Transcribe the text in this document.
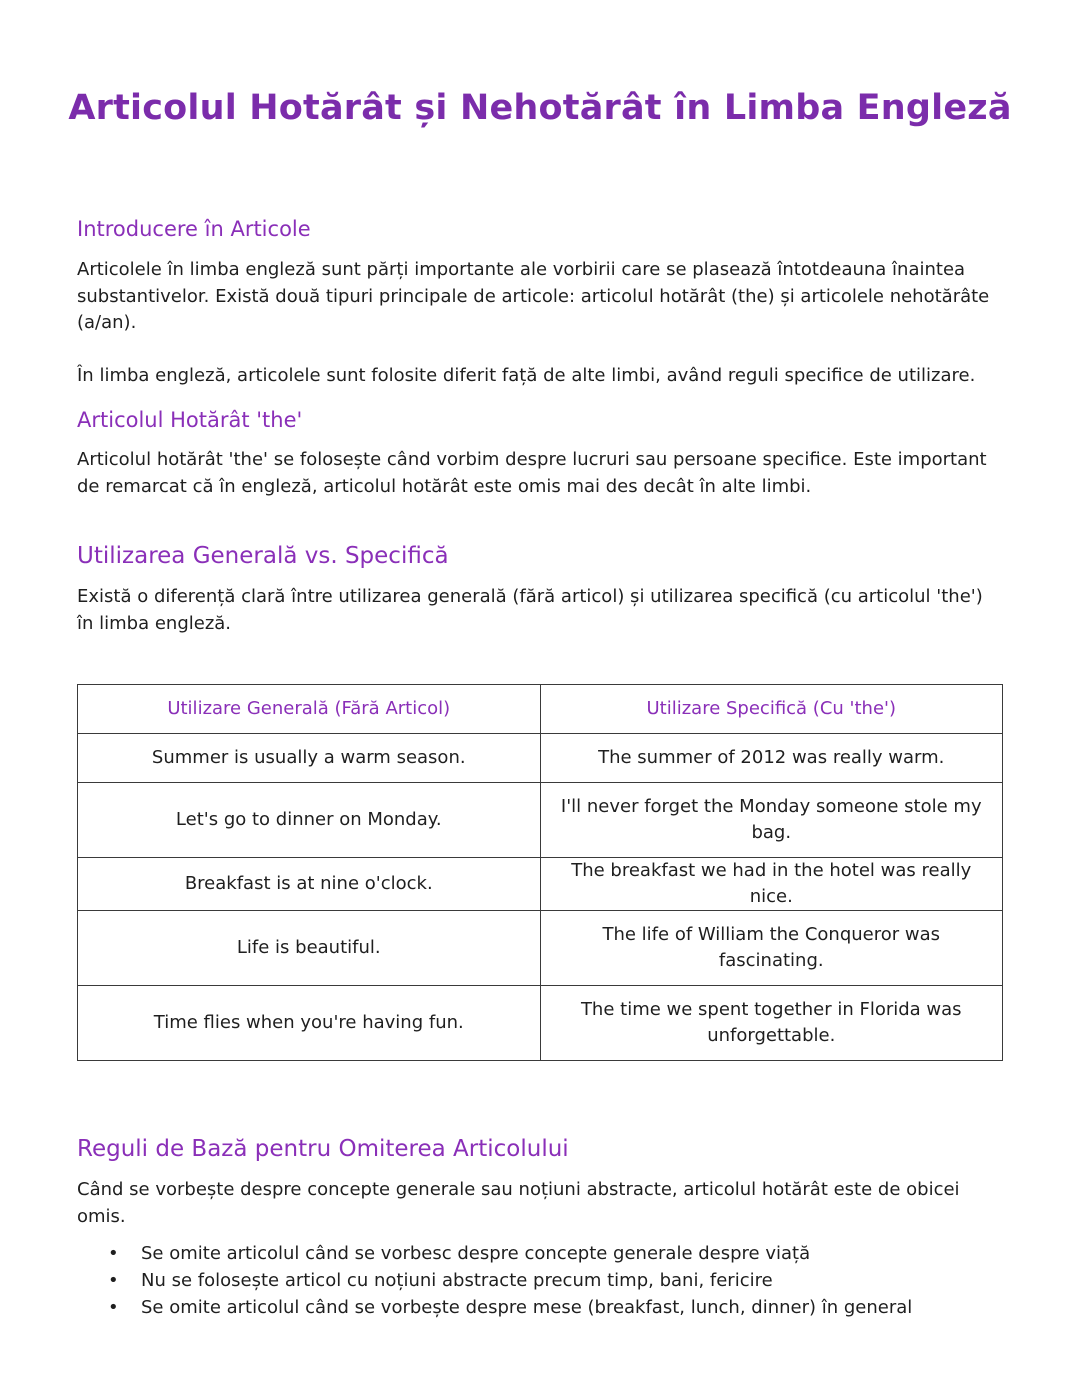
Articolul Hotărât și Nehotărât în Limba Engleză
Introducere în Articole

Articolele în limba engleză sunt părți importante ale vorbirii care se plasează întotdeauna înaintea substantivelor. Există două tipuri principale de articole: articolul hotărât (the) și articolele nehotărâte (a/an).

În limba engleză, articolele sunt folosite diferit față de alte limbi, având reguli specifice de utilizare.

Articolul Hotărât 'the'

Articolul hotărât 'the' se folosește când vorbim despre lucruri sau persoane specifice. Este important de remarcat că în engleză, articolul hotărât este omis mai des decât în alte limbi.

Utilizarea Generală vs. Specifică

Există o diferență clară între utilizarea generală (fără articol) și utilizarea specifică (cu articolul 'the') în limba engleză.

Utilizare Generală (Fără Articol)	Utilizare Specifică (Cu 'the')
Summer is usually a warm season.	The summer of 2012 was really warm.
Let's go to dinner on Monday.	I'll never forget the Monday someone stole my bag.
Breakfast is at nine o'clock.	The breakfast we had in the hotel was really nice.
Life is beautiful.	The life of William the Conqueror was fascinating.
Time flies when you're having fun.	The time we spent together in Florida was unforgettable.
Reguli de Bază pentru Omiterea Articolului

Când se vorbește despre concepte generale sau noțiuni abstracte, articolul hotărât este de obicei omis.

• Se omite articolul când se vorbesc despre concepte generale despre viață
• Nu se folosește articol cu noțiuni abstracte precum timp, bani, fericire
• Se omite articolul când se vorbește despre mese (breakfast, lunch, dinner) în general
